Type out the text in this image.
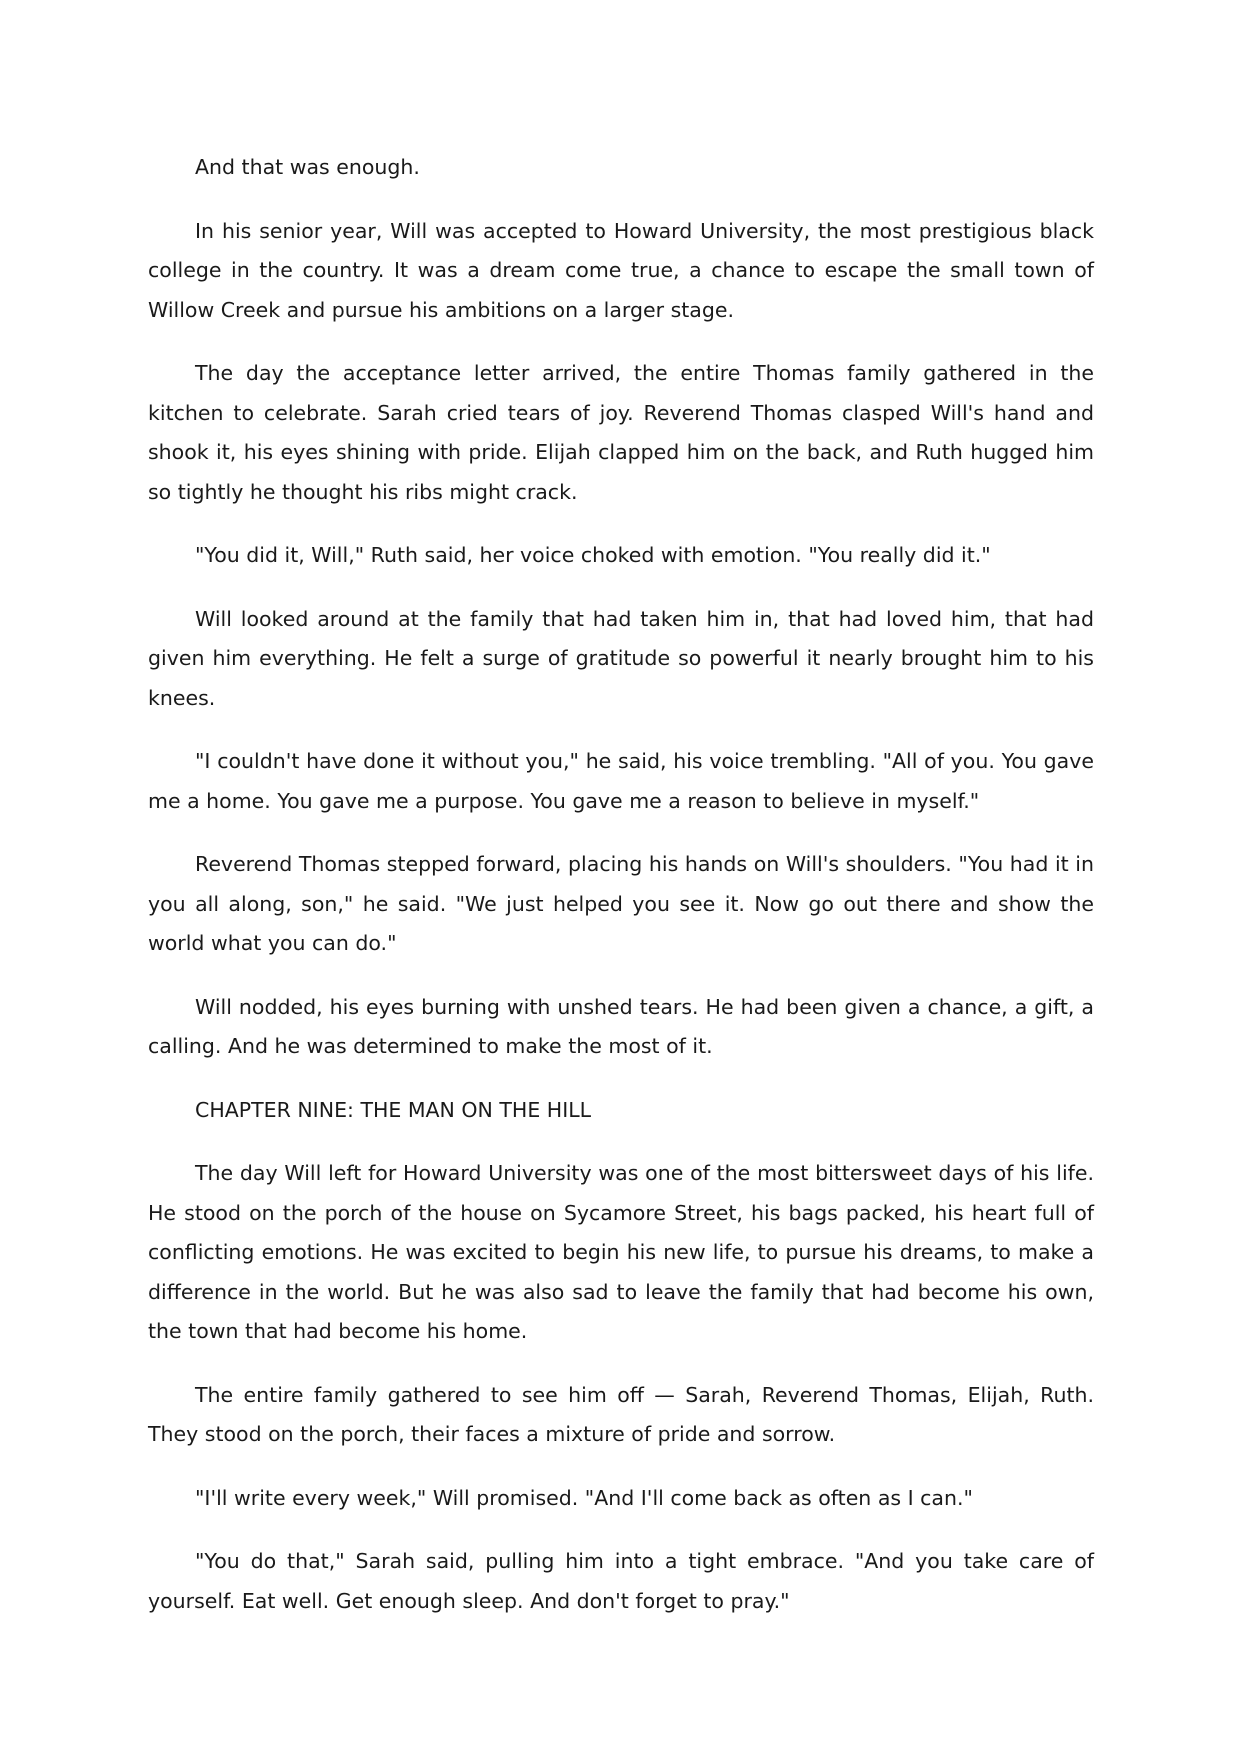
And that was enough.

In his senior year, Will was accepted to Howard University, the most prestigious black college in the country. It was a dream come true, a chance to escape the small town of Willow Creek and pursue his ambitions on a larger stage.

The day the acceptance letter arrived, the entire Thomas family gathered in the kitchen to celebrate. Sarah cried tears of joy. Reverend Thomas clasped Will's hand and shook it, his eyes shining with pride. Elijah clapped him on the back, and Ruth hugged him so tightly he thought his ribs might crack.

"You did it, Will," Ruth said, her voice choked with emotion. "You really did it."

Will looked around at the family that had taken him in, that had loved him, that had given him everything. He felt a surge of gratitude so powerful it nearly brought him to his knees.

"I couldn't have done it without you," he said, his voice trembling. "All of you. You gave me a home. You gave me a purpose. You gave me a reason to believe in myself."

Reverend Thomas stepped forward, placing his hands on Will's shoulders. "You had it in you all along, son," he said. "We just helped you see it. Now go out there and show the world what you can do."

Will nodded, his eyes burning with unshed tears. He had been given a chance, a gift, a calling. And he was determined to make the most of it.

CHAPTER NINE: THE MAN ON THE HILL

The day Will left for Howard University was one of the most bittersweet days of his life. He stood on the porch of the house on Sycamore Street, his bags packed, his heart full of conflicting emotions. He was excited to begin his new life, to pursue his dreams, to make a difference in the world. But he was also sad to leave the family that had become his own, the town that had become his home.

The entire family gathered to see him off — Sarah, Reverend Thomas, Elijah, Ruth. They stood on the porch, their faces a mixture of pride and sorrow.

"I'll write every week," Will promised. "And I'll come back as often as I can."

"You do that," Sarah said, pulling him into a tight embrace. "And you take care of yourself. Eat well. Get enough sleep. And don't forget to pray."
